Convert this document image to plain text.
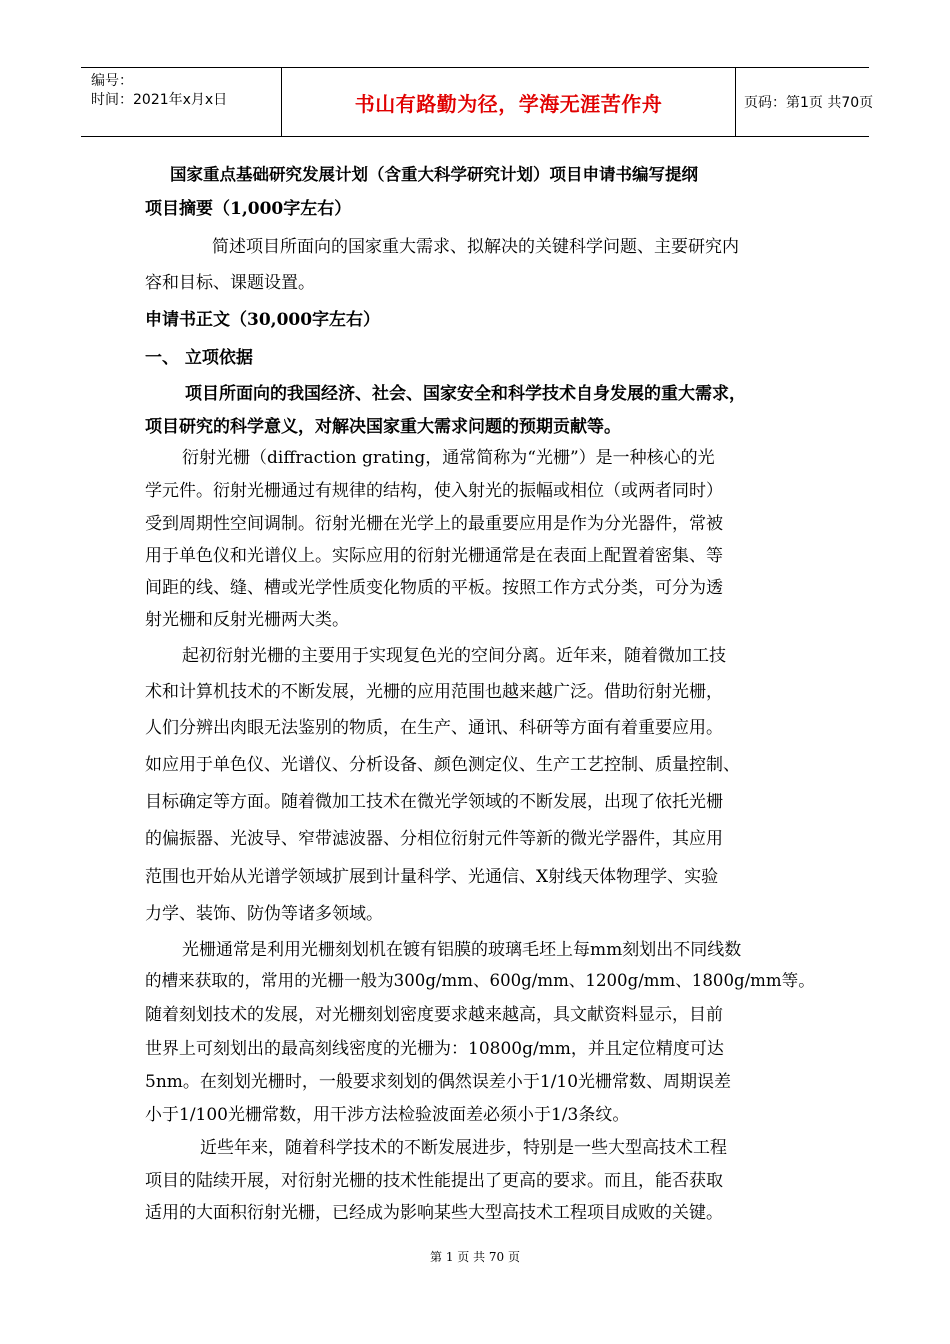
编号：
时间：2021年x月x日	书山有路勤为径，学海无涯苦作舟	页码：第1页 共70页
国家重点基础研究发展计划（含重大科学研究计划）项目申请书编写提纲
项目摘要（1,000字左右）
简述项目所面向的国家重大需求、拟解决的关键科学问题、主要研究内
容和目标、课题设置。
申请书正文（30,000字左右）
一、 立项依据
项目所面向的我国经济、社会、国家安全和科学技术自身发展的重大需求，
项目研究的科学意义，对解决国家重大需求问题的预期贡献等。
衍射光栅（diffraction grating，通常简称为“光栅”）是一种核心的光
学元件。衍射光栅通过有规律的结构，使入射光的振幅或相位（或两者同时）
受到周期性空间调制。衍射光栅在光学上的最重要应用是作为分光器件，常被
用于单色仪和光谱仪上。实际应用的衍射光栅通常是在表面上配置着密集、等
间距的线、缝、槽或光学性质变化物质的平板。按照工作方式分类，可分为透
射光栅和反射光栅两大类。
起初衍射光栅的主要用于实现复色光的空间分离。近年来，随着微加工技
术和计算机技术的不断发展，光栅的应用范围也越来越广泛。借助衍射光栅，
人们分辨出肉眼无法鉴别的物质，在生产、通讯、科研等方面有着重要应用。
如应用于单色仪、光谱仪、分析设备、颜色测定仪、生产工艺控制、质量控制、
目标确定等方面。随着微加工技术在微光学领域的不断发展，出现了依托光栅
的偏振器、光波导、窄带滤波器、分相位衍射元件等新的微光学器件，其应用
范围也开始从光谱学领域扩展到计量科学、光通信、X射线天体物理学、实验
力学、装饰、防伪等诸多领域。
光栅通常是利用光栅刻划机在镀有铝膜的玻璃毛坯上每mm刻划出不同线数
的槽来获取的，常用的光栅一般为300g/mm、600g/mm、1200g/mm、1800g/mm等。
随着刻划技术的发展，对光栅刻划密度要求越来越高，具文献资料显示，目前
世界上可刻划出的最高刻线密度的光栅为：10800g/mm，并且定位精度可达
5nm。在刻划光栅时，一般要求刻划的偶然误差小于1/10光栅常数、周期误差
小于1/100光栅常数，用干涉方法检验波面差必须小于1/3条纹。
近些年来，随着科学技术的不断发展进步，特别是一些大型高技术工程
项目的陆续开展，对衍射光栅的技术性能提出了更高的要求。而且，能否获取
适用的大面积衍射光栅，已经成为影响某些大型高技术工程项目成败的关键。
第 1 页 共 70 页
